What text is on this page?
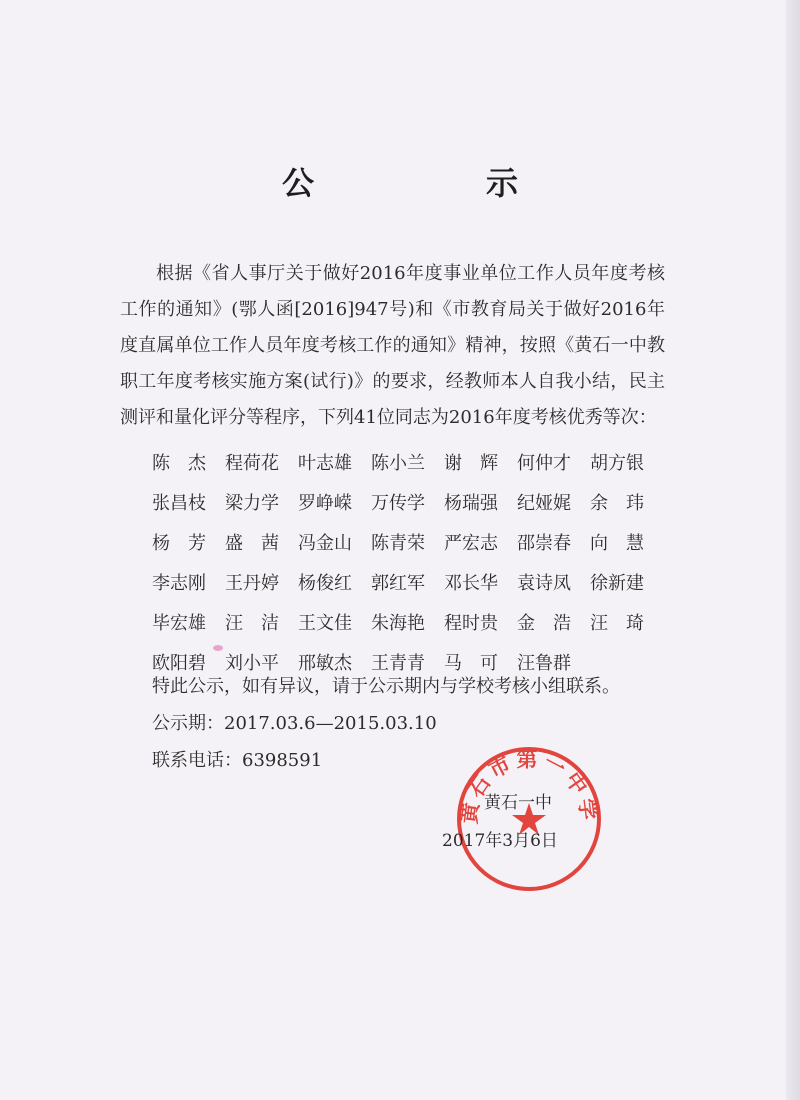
公　示
根据《省人事厅关于做好2016年度事业单位工作人员年度考核工作的通知》(鄂人函[2016]947号)和《市教育局关于做好2016年度直属单位工作人员年度考核工作的通知》精神，按照《黄石一中教职工年度考核实施方案(试行)》的要求，经教师本人自我小结，民主测评和量化评分等程序，下列41位同志为2016年度考核优秀等次：
陈　杰	程荷花	叶志雄	陈小兰	谢　辉	何仲才	胡方银
张昌枝	梁力学	罗峥嵘	万传学	杨瑞强	纪娅娓	余　玮
杨　芳	盛　茜	冯金山	陈青荣	严宏志	邵崇春	向　慧
李志刚	王丹婷	杨俊红	郭红军	邓长华	袁诗凤	徐新建
毕宏雄	汪　洁	王文佳	朱海艳	程时贵	金　浩	汪　琦
欧阳碧	刘小平	邢敏杰	王青青	马　可	汪鲁群
特此公示，如有异议，请于公示期内与学校考核小组联系。
公示期：2017.03.6—2015.03.10
联系电话：6398591
黄石市第一中学
黄石一中
2017年3月6日
